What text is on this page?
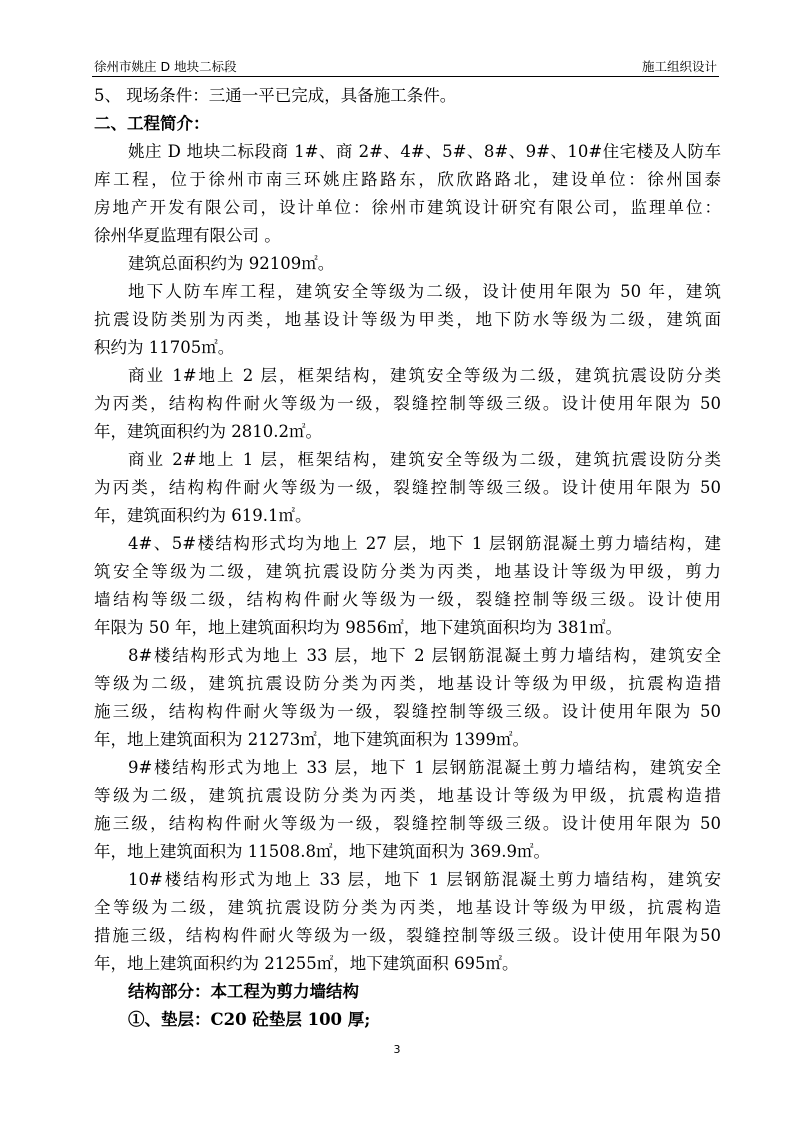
徐州市姚庄 D 地块二标段	施工组织设计
5、 现场条件：三通一平已完成，具备施工条件。
二、工程简介：
姚庄 D 地块二标段商 1#、商 2#、4#、5#、8#、9#、10#住宅楼及人防车
库工程，位于徐州市南三环姚庄路路东，欣欣路路北，建设单位：徐州国泰
房地产开发有限公司，设计单位：徐州市建筑设计研究有限公司，监理单位：
徐州华夏监理有限公司 。
建筑总面积约为 92109㎡。
地下人防车库工程，建筑安全等级为二级，设计使用年限为 50 年，建筑
抗震设防类别为丙类，地基设计等级为甲类，地下防水等级为二级，建筑面
积约为 11705㎡。
商业 1#地上 2 层，框架结构，建筑安全等级为二级，建筑抗震设防分类
为丙类，结构构件耐火等级为一级，裂缝控制等级三级。设计使用年限为 50
年，建筑面积约为 2810.2㎡。
商业 2#地上 1 层，框架结构，建筑安全等级为二级，建筑抗震设防分类
为丙类，结构构件耐火等级为一级，裂缝控制等级三级。设计使用年限为 50
年，建筑面积约为 619.1㎡。
4#、5#楼结构形式均为地上 27 层，地下 1 层钢筋混凝土剪力墙结构，建
筑安全等级为二级，建筑抗震设防分类为丙类，地基设计等级为甲级，剪力
墙结构等级二级，结构构件耐火等级为一级，裂缝控制等级三级。设计使用
年限为 50 年，地上建筑面积均为 9856㎡，地下建筑面积均为 381㎡。
8#楼结构形式为地上 33 层，地下 2 层钢筋混凝土剪力墙结构，建筑安全
等级为二级，建筑抗震设防分类为丙类，地基设计等级为甲级，抗震构造措
施三级，结构构件耐火等级为一级，裂缝控制等级三级。设计使用年限为 50
年，地上建筑面积为 21273㎡，地下建筑面积为 1399㎡。
9#楼结构形式为地上 33 层，地下 1 层钢筋混凝土剪力墙结构，建筑安全
等级为二级，建筑抗震设防分类为丙类，地基设计等级为甲级，抗震构造措
施三级，结构构件耐火等级为一级，裂缝控制等级三级。设计使用年限为 50
年，地上建筑面积为 11508.8㎡，地下建筑面积为 369.9㎡。
10#楼结构形式为地上 33 层，地下 1 层钢筋混凝土剪力墙结构，建筑安
全等级为二级，建筑抗震设防分类为丙类，地基设计等级为甲级，抗震构造
措施三级，结构构件耐火等级为一级，裂缝控制等级三级。设计使用年限为50
年，地上建筑面积约为 21255㎡，地下建筑面积 695㎡。
结构部分：本工程为剪力墙结构
①、垫层：C20 砼垫层 100 厚;
3
